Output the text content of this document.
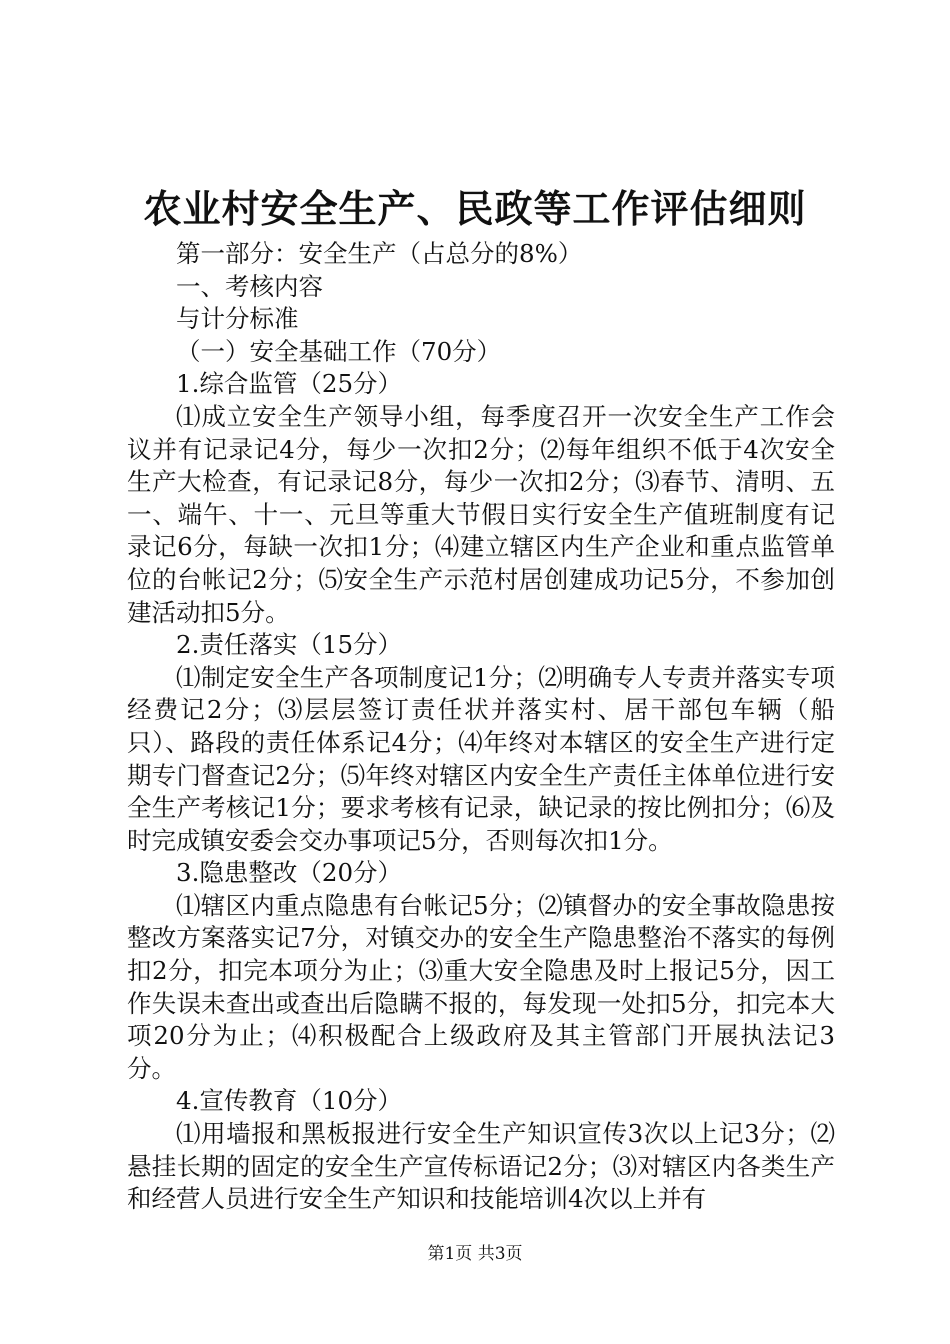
农业村安全生产、民政等工作评估细则

第一部分：安全生产（占总分的8%）

一、考核内容

与计分标准

（一）安全基础工作（70分）

1.综合监管（25分）

⑴成立安全生产领导小组，每季度召开一次安全生产工作会议并有记录记4分，每少一次扣2分；⑵每年组织不低于4次安全生产大检查，有记录记8分，每少一次扣2分；⑶春节、清明、五一、端午、十一、元旦等重大节假日实行安全生产值班制度有记录记6分，每缺一次扣1分；⑷建立辖区内生产企业和重点监管单位的台帐记2分；⑸安全生产示范村居创建成功记5分，不参加创建活动扣5分。

2.责任落实（15分）

⑴制定安全生产各项制度记1分；⑵明确专人专责并落实专项经费记2分；⑶层层签订责任状并落实村、居干部包车辆（船只）、路段的责任体系记4分；⑷年终对本辖区的安全生产进行定期专门督查记2分；⑸年终对辖区内安全生产责任主体单位进行安全生产考核记1分；要求考核有记录，缺记录的按比例扣分；⑹及时完成镇安委会交办事项记5分，否则每次扣1分。

3.隐患整改（20分）

⑴辖区内重点隐患有台帐记5分；⑵镇督办的安全事故隐患按整改方案落实记7分，对镇交办的安全生产隐患整治不落实的每例扣2分，扣完本项分为止；⑶重大安全隐患及时上报记5分，因工作失误未查出或查出后隐瞒不报的，每发现一处扣5分，扣完本大项20分为止；⑷积极配合上级政府及其主管部门开展执法记3分。

4.宣传教育（10分）

⑴用墙报和黑板报进行安全生产知识宣传3次以上记3分；⑵悬挂长期的固定的安全生产宣传标语记2分；⑶对辖区内各类生产和经营人员进行安全生产知识和技能培训4次以上并有

第1页 共3页
